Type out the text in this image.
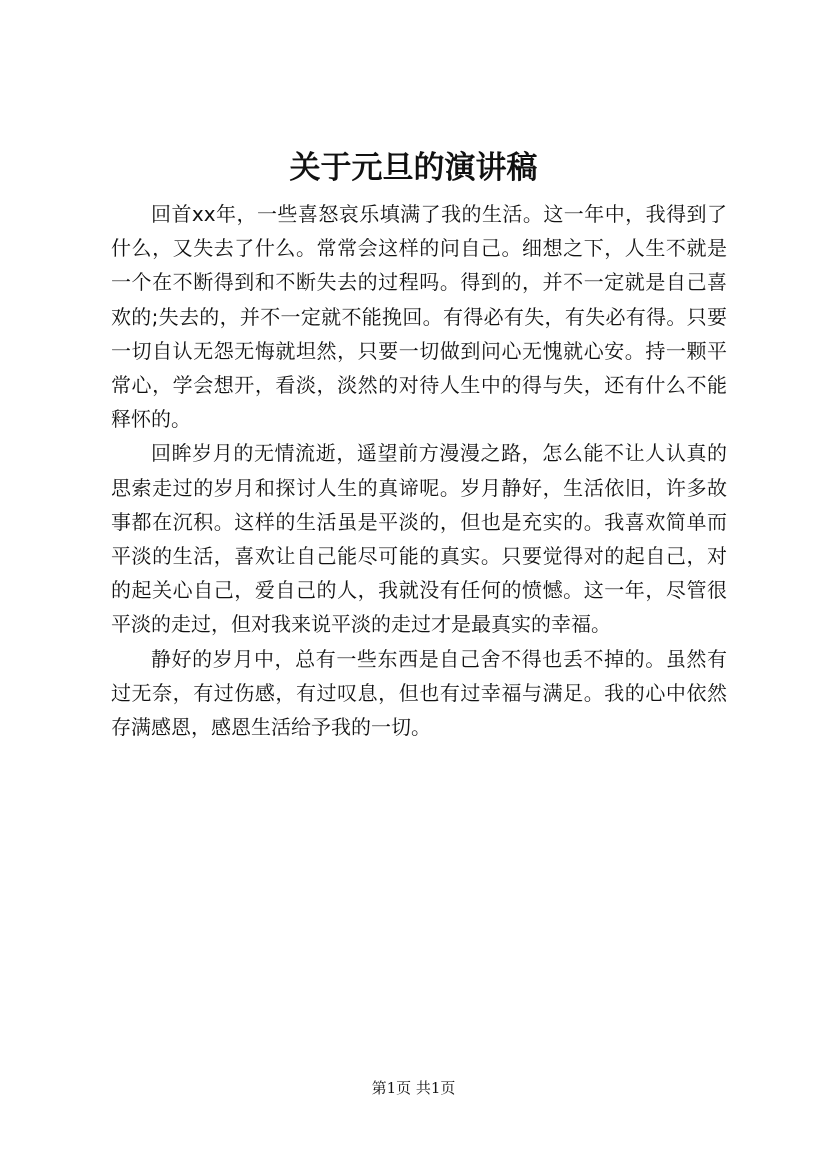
关于元旦的演讲稿

回首xx年，一些喜怒哀乐填满了我的生活。这一年中，我得到了什么，又失去了什么。常常会这样的问自己。细想之下，人生不就是一个在不断得到和不断失去的过程吗。得到的，并不一定就是自己喜欢的;失去的，并不一定就不能挽回。有得必有失，有失必有得。只要一切自认无怨无悔就坦然，只要一切做到问心无愧就心安。持一颗平常心，学会想开，看淡，淡然的对待人生中的得与失，还有什么不能释怀的。

回眸岁月的无情流逝，遥望前方漫漫之路，怎么能不让人认真的思索走过的岁月和探讨人生的真谛呢。岁月静好，生活依旧，许多故事都在沉积。这样的生活虽是平淡的，但也是充实的。我喜欢简单而平淡的生活，喜欢让自己能尽可能的真实。只要觉得对的起自己，对的起关心自己，爱自己的人，我就没有任何的愤憾。这一年，尽管很平淡的走过，但对我来说平淡的走过才是最真实的幸福。

静好的岁月中，总有一些东西是自己舍不得也丢不掉的。虽然有过无奈，有过伤感，有过叹息，但也有过幸福与满足。我的心中依然存满感恩，感恩生活给予我的一切。

第1页 共1页
